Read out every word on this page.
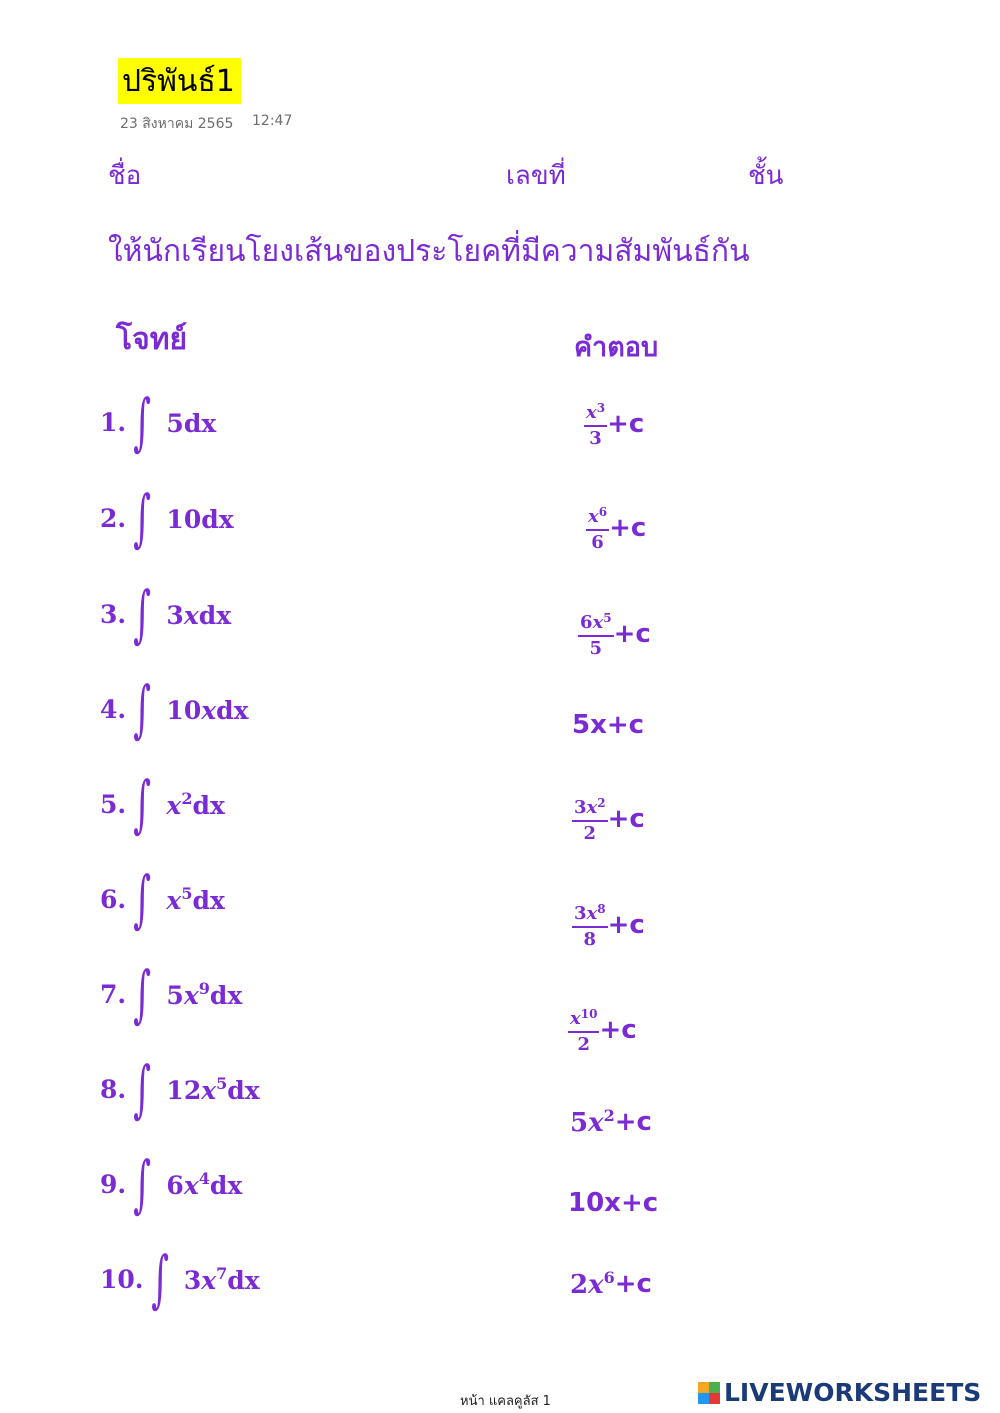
ปริพันธ์1
23 สิงหาคม 2565 12:47
ชื่อ	เลขที่	ชั้น
ให้นักเรียนโยงเส้นของประโยคที่มีความสัมพันธ์กัน
โจทย์	คำตอบ
1. ∫ 5dx
2. ∫ 10dx
3. ∫ 3xdx
4. ∫ 10xdx
5. ∫ $x^2dx$
6. ∫ $x^5dx$
7. ∫ $5x^9dx$
8. ∫ $12x^5dx$
9. ∫ $6x^4dx$
10. ∫ $3x^7dx$
$\frac{x^3}{3} +c$
$\frac{x^6}{6} +c$
$\frac{6x^5}{5} +c$
5x+c
$\frac{3x^2}{2} +c$
$\frac{3x^8}{8} +c$
$\frac{x^{10}}{2} +c$
$5x^2 +c$
10x+c
$2x^6 +c$
หน้า แคลคูลัส 1	LIVEWORKSHEETS
